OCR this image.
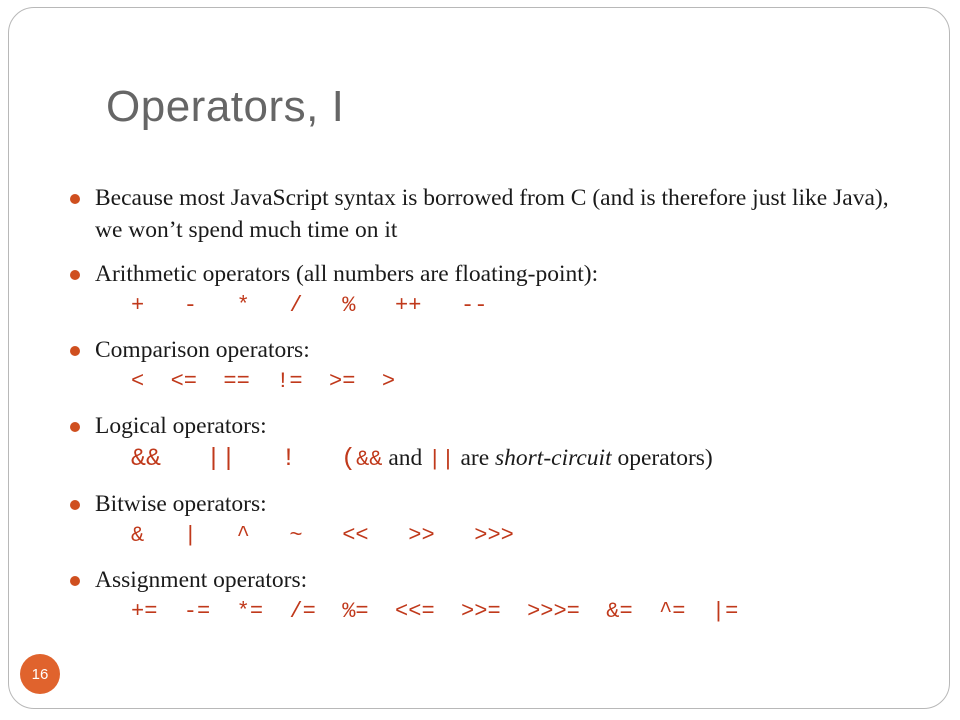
Operators, I
Because most JavaScript syntax is borrowed from C (and is therefore just like Java), we won’t spend much time on it
Arithmetic operators (all numbers are floating-point):
+   -   *   /   %   ++   --
Comparison operators:
<  <=  ==  !=  >=  >
Logical operators:
&&   ||   ! (&& and || are short-circuit operators)
Bitwise operators:
&   |   ^   ~   <<   >>   >>>
Assignment operators:
+=  -=  *=  /=  %=  <<=  >>=  >>>=  &=  ^=  |=
16
